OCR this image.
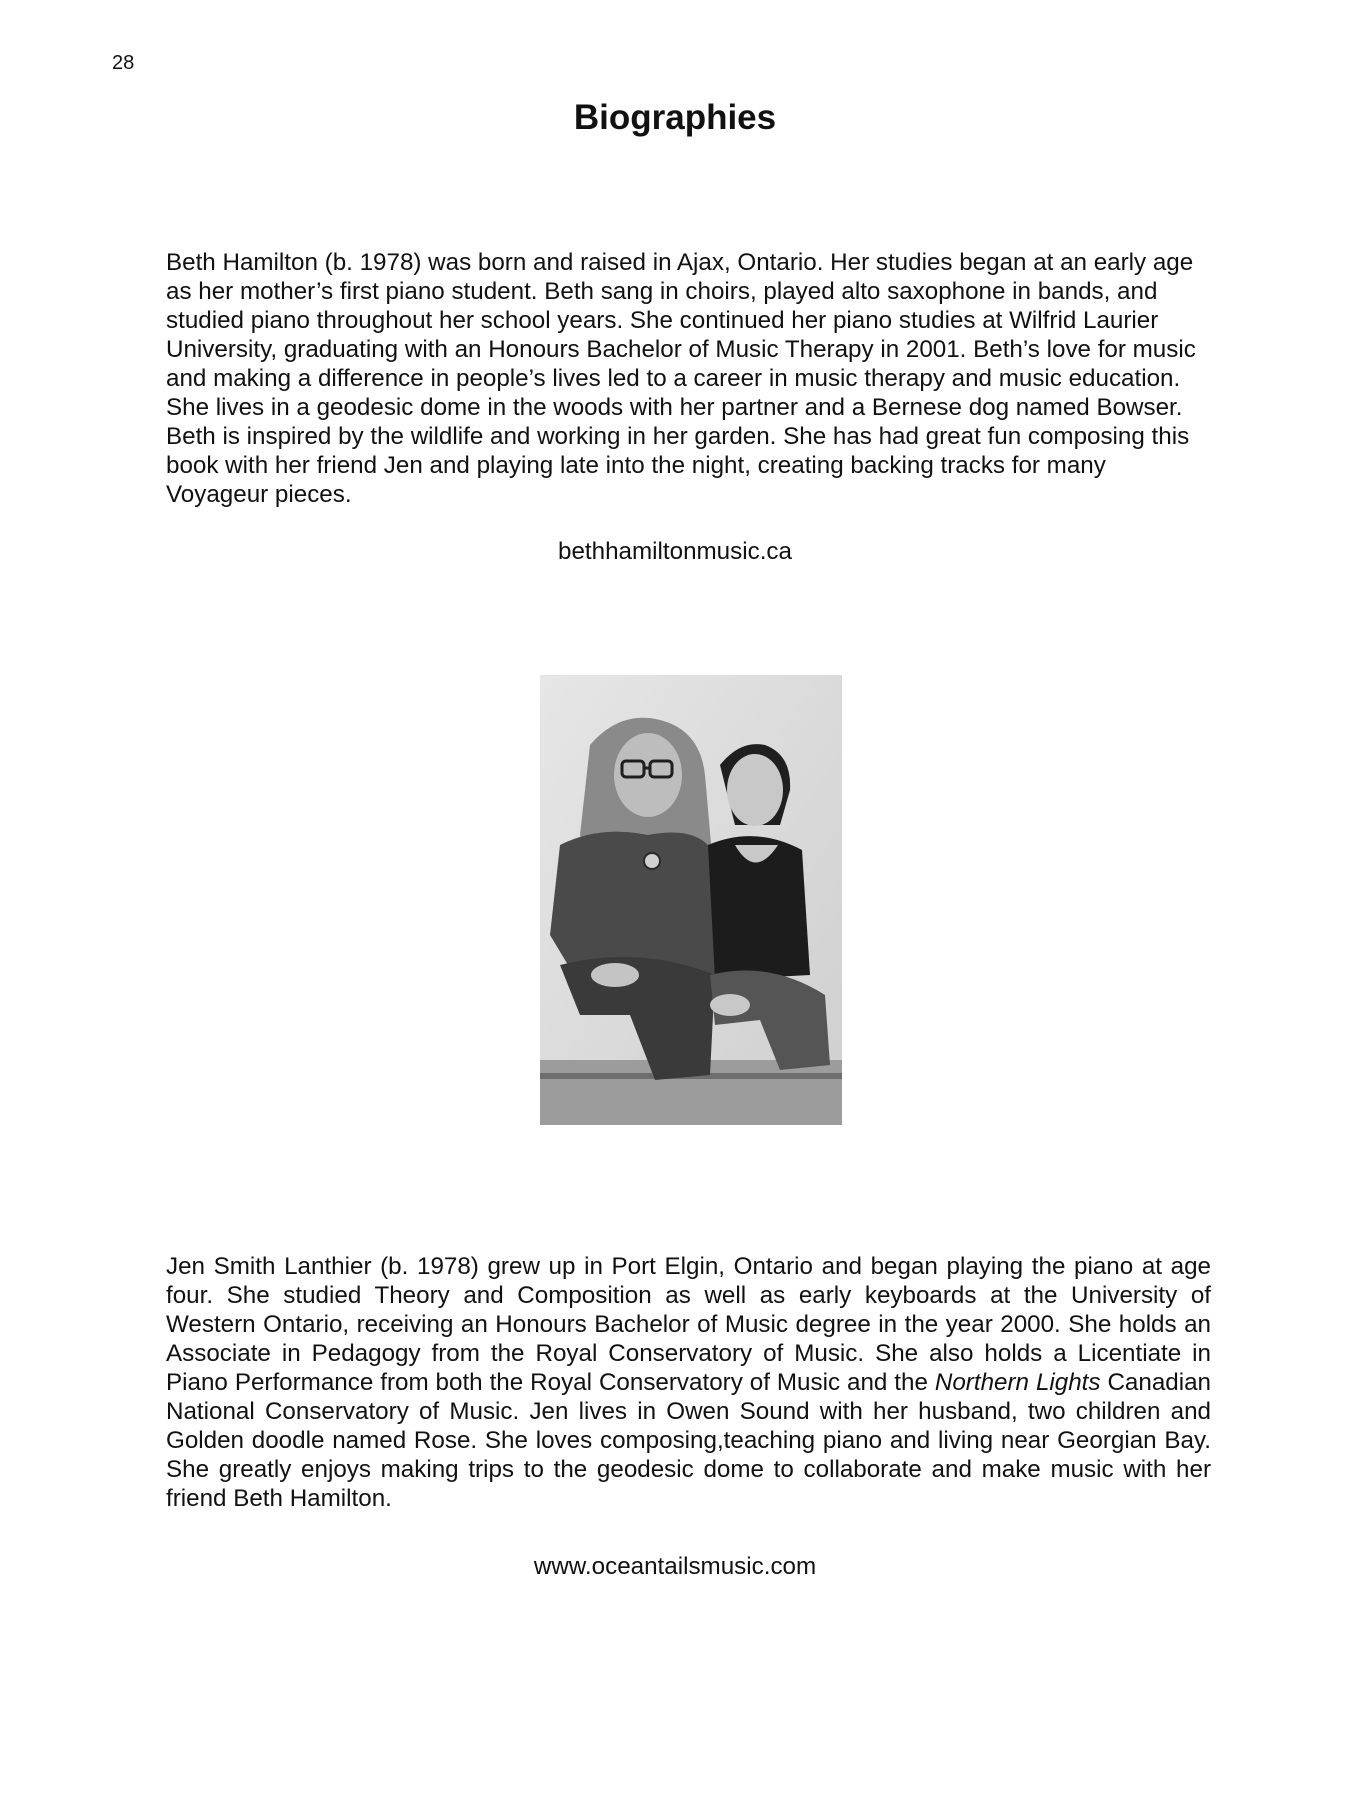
28
Biographies

Beth Hamilton (b. 1978) was born and raised in Ajax, Ontario. Her studies began at an early age as her mother’s first piano student. Beth sang in choirs, played alto saxophone in bands, and studied piano throughout her school years. She continued her piano studies at Wilfrid Laurier University, graduating with an Honours Bachelor of Music Therapy in 2001. Beth’s love for music and making a difference in people’s lives led to a career in music therapy and music education. She lives in a geodesic dome in the woods with her partner and a Bernese dog named Bowser. Beth is inspired by the wildlife and working in her garden. She has had great fun composing this book with her friend Jen and playing late into the night, creating backing tracks for many Voyageur pieces.

bethhamiltonmusic.ca

Jen Smith Lanthier (b. 1978) grew up in Port Elgin, Ontario and began playing the piano at age four. She studied Theory and Composition as well as early keyboards at the University of Western Ontario, receiving an Honours Bachelor of Music degree in the year 2000. She holds an Associate in Pedagogy from the Royal Conservatory of Music. She also holds a Licentiate in Piano Performance from both the Royal Conservatory of Music and the Northern Lights Canadian National Conservatory of Music. Jen lives in Owen Sound with her husband, two children and Golden doodle named Rose. She loves composing,teaching piano and living near Georgian Bay. She greatly enjoys making trips to the geodesic dome to collaborate and make music with her friend Beth Hamilton.

www.oceantailsmusic.com
